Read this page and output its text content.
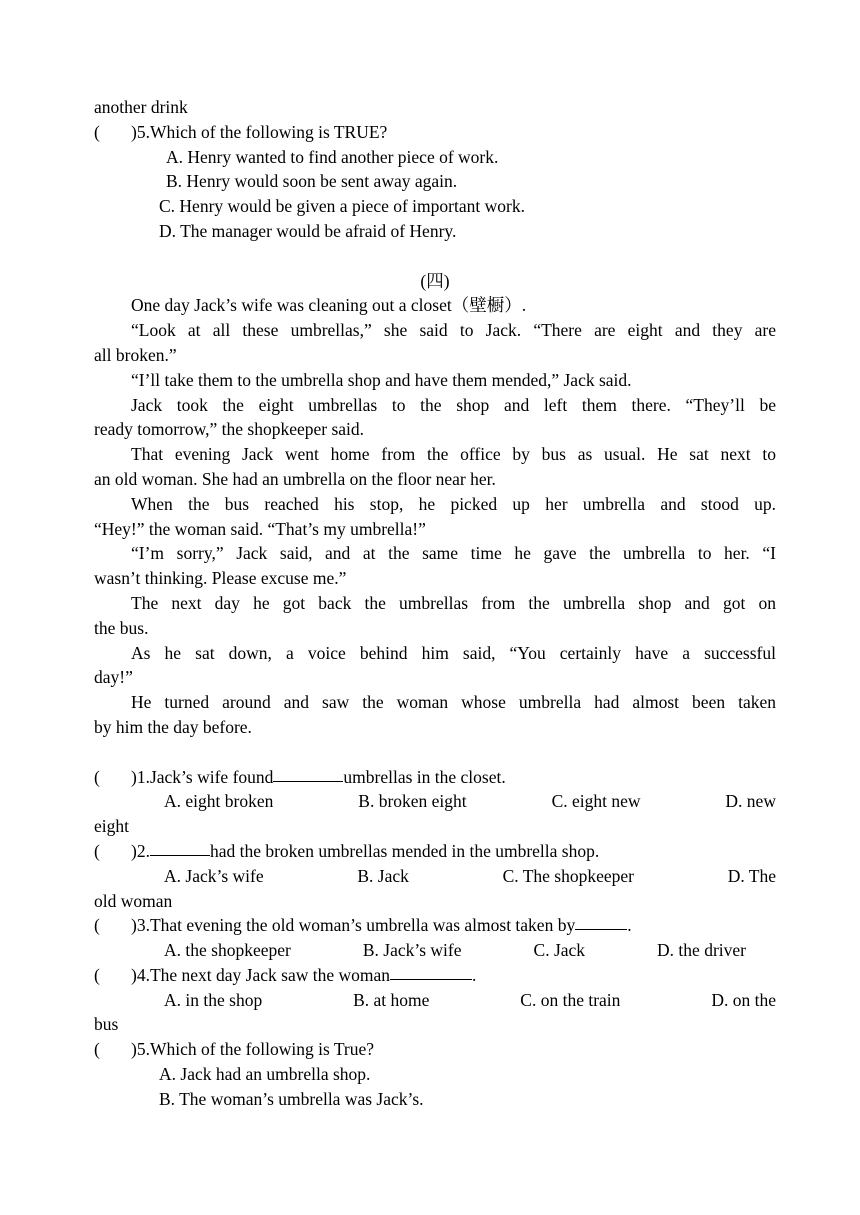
another drink
(	)5.Which of the following is TRUE?
A. Henry wanted to find another piece of work.
B. Henry would soon be sent away again.
C. Henry would be given a piece of important work.
D. The manager would be afraid of Henry.
(四)
One day Jack’s wife was cleaning out a closet（壁橱）.
“Look at all these umbrellas,” she said to Jack. “There are eight and they are
all broken.”
“I’ll take them to the umbrella shop and have them mended,” Jack said.
Jack took the eight umbrellas to the shop and left them there. “They’ll be
ready tomorrow,” the shopkeeper said.
That evening Jack went home from the office by bus as usual. He sat next to
an old woman. She had an umbrella on the floor near her.
When the bus reached his stop, he picked up her umbrella and stood up.
“Hey!” the woman said. “That’s my umbrella!”
“I’m sorry,” Jack said, and at the same time he gave the umbrella to her. “I
wasn’t thinking. Please excuse me.”
The next day he got back the umbrellas from the umbrella shop and got on
the bus.
As he sat down, a voice behind him said, “You certainly have a successful
day!”
He turned around and saw the woman whose umbrella had almost been taken
by him the day before.
(	)1.Jack’s wife found	umbrellas in the closet.
A. eight broken	B. broken eight	C. eight new	D. new
eight
(	)2.	had the broken umbrellas mended in the umbrella shop.
A. Jack’s wife	B. Jack	C. The shopkeeper	D. The
old woman
(	)3.That evening the old woman’s umbrella was almost taken by	.
A. the shopkeeper	B. Jack’s wife	C. Jack	D. the driver
(	)4.The next day Jack saw the woman	.
A. in the shop	B. at home	C. on the train	D. on the
bus
(	)5.Which of the following is True?
A. Jack had an umbrella shop.
B. The woman’s umbrella was Jack’s.
